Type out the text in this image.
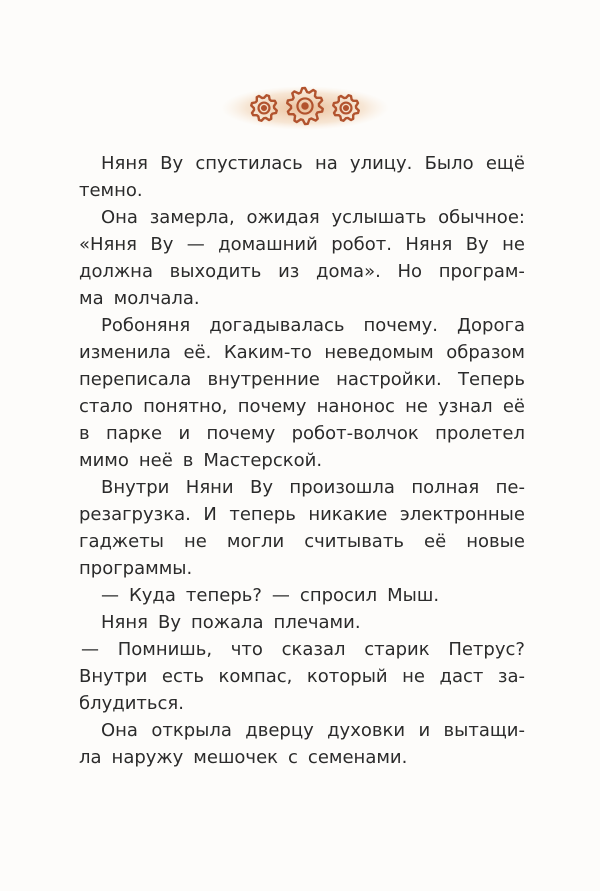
Няня Ву спустилась на улицу. Было ещё
темно.

Она замерла, ожидая услышать обычное:
«Няня Ву — домашний робот. Няня Ву не
должна выходить из дома». Но програм-
ма молчала.

Робоняня догадывалась почему. Дорога
изменила её. Каким-то неведомым образом
переписала внутренние настройки. Теперь
стало понятно, почему нанонос не узнал её
в парке и почему робот-волчок пролетел
мимо неё в Мастерской.

Внутри Няни Ву произошла полная пе-
резагрузка. И теперь никакие электронные
гаджеты не могли считывать её новые
программы.

— Куда теперь? — спросил Мыш.

Няня Ву пожала плечами.

— Помнишь, что сказал старик Петрус?
Внутри есть компас, который не даст за-
блудиться.

Она открыла дверцу духовки и вытащи-
ла наружу мешочек с семенами.
